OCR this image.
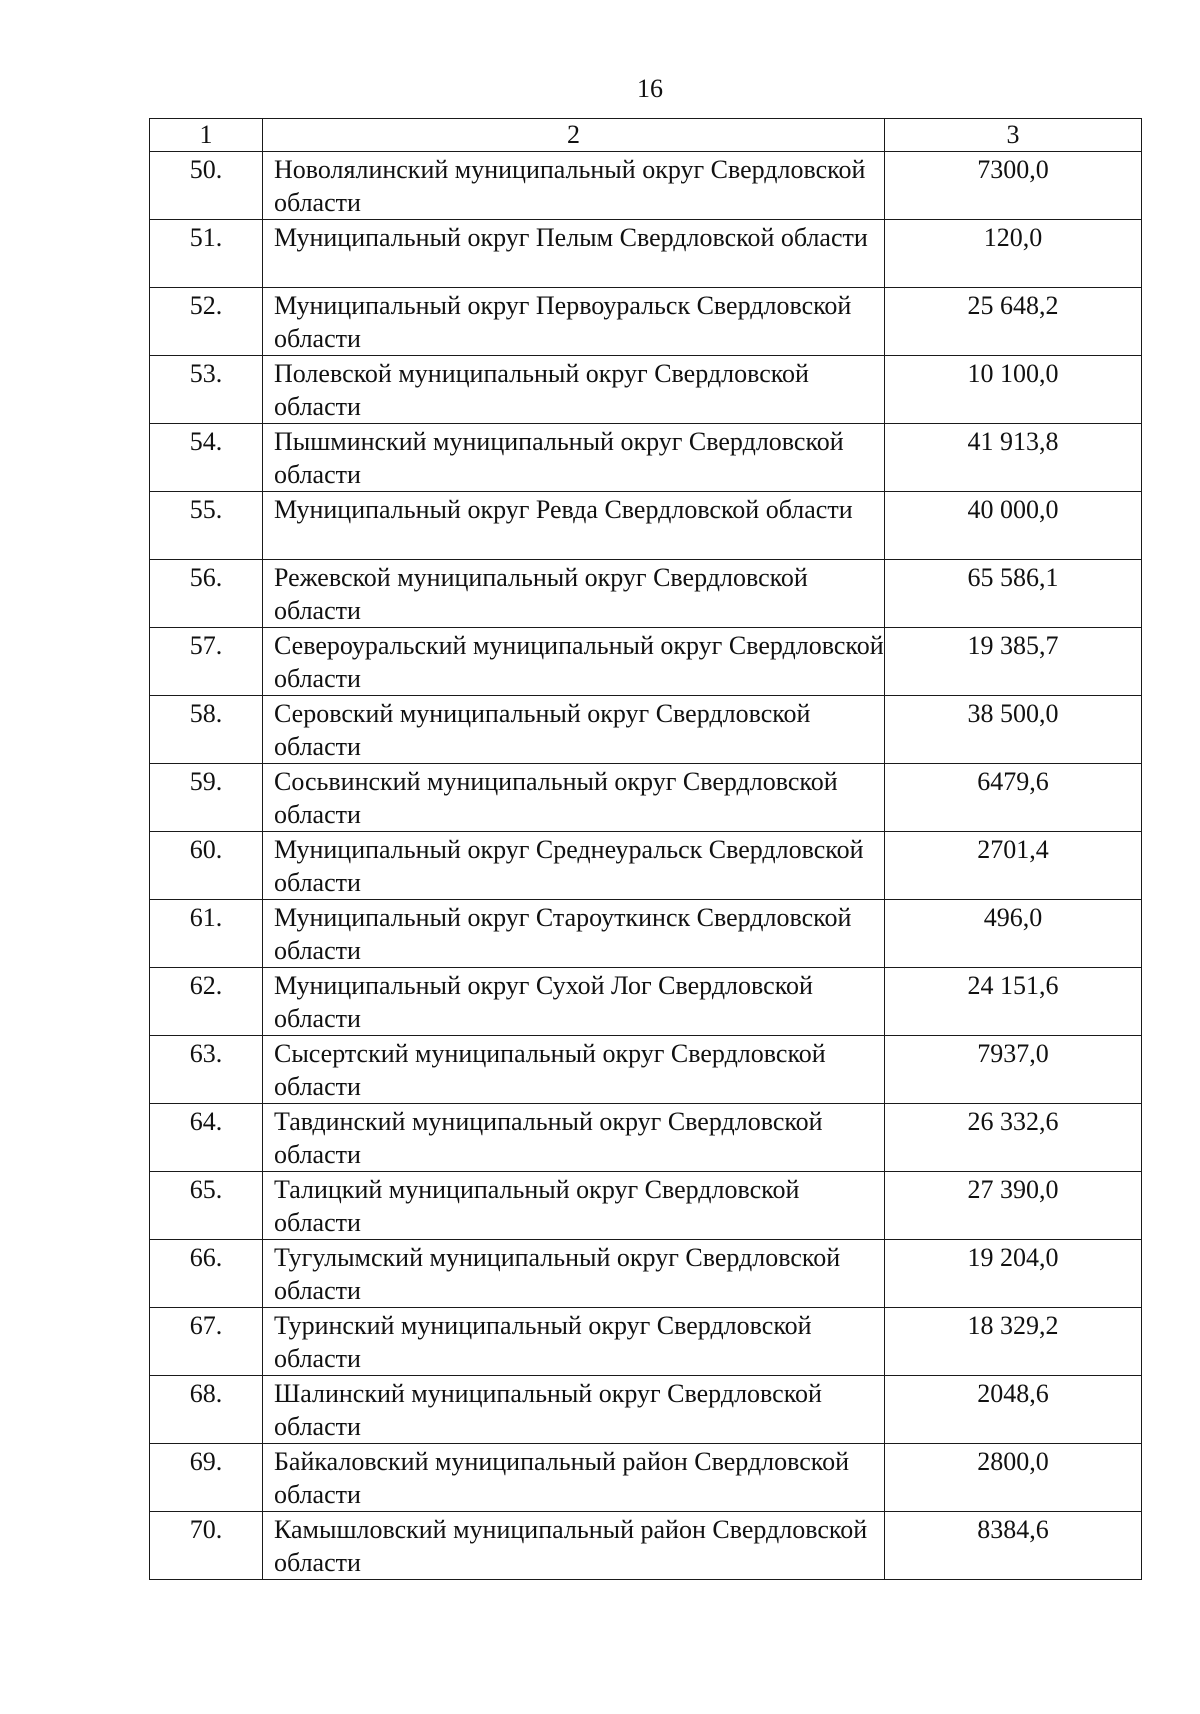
16
1	2	3
50.	Новолялинский муниципальный округ Свердловской области	7300,0
51.	Муниципальный округ Пелым Свердловской области	120,0
52.	Муниципальный округ Первоуральск Свердловской области	25 648,2
53.	Полевской муниципальный округ Свердловской области	10 100,0
54.	Пышминский муниципальный округ Свердловской области	41 913,8
55.	Муниципальный округ Ревда Свердловской области	40 000,0
56.	Режевской муниципальный округ Свердловской области	65 586,1
57.	Североуральский муниципальный округ Свердловской области	19 385,7
58.	Серовский муниципальный округ Свердловской области	38 500,0
59.	Сосьвинский муниципальный округ Свердловской области	6479,6
60.	Муниципальный округ Среднеуральск Свердловской области	2701,4
61.	Муниципальный округ Староуткинск Свердловской области	496,0
62.	Муниципальный округ Сухой Лог Свердловской области	24 151,6
63.	Сысертский муниципальный округ Свердловской области	7937,0
64.	Тавдинский муниципальный округ Свердловской области	26 332,6
65.	Талицкий муниципальный округ Свердловской области	27 390,0
66.	Тугулымский муниципальный округ Свердловской области	19 204,0
67.	Туринский муниципальный округ Свердловской области	18 329,2
68.	Шалинский муниципальный округ Свердловской области	2048,6
69.	Байкаловский муниципальный район Свердловской области	2800,0
70.	Камышловский муниципальный район Свердловской области	8384,6
